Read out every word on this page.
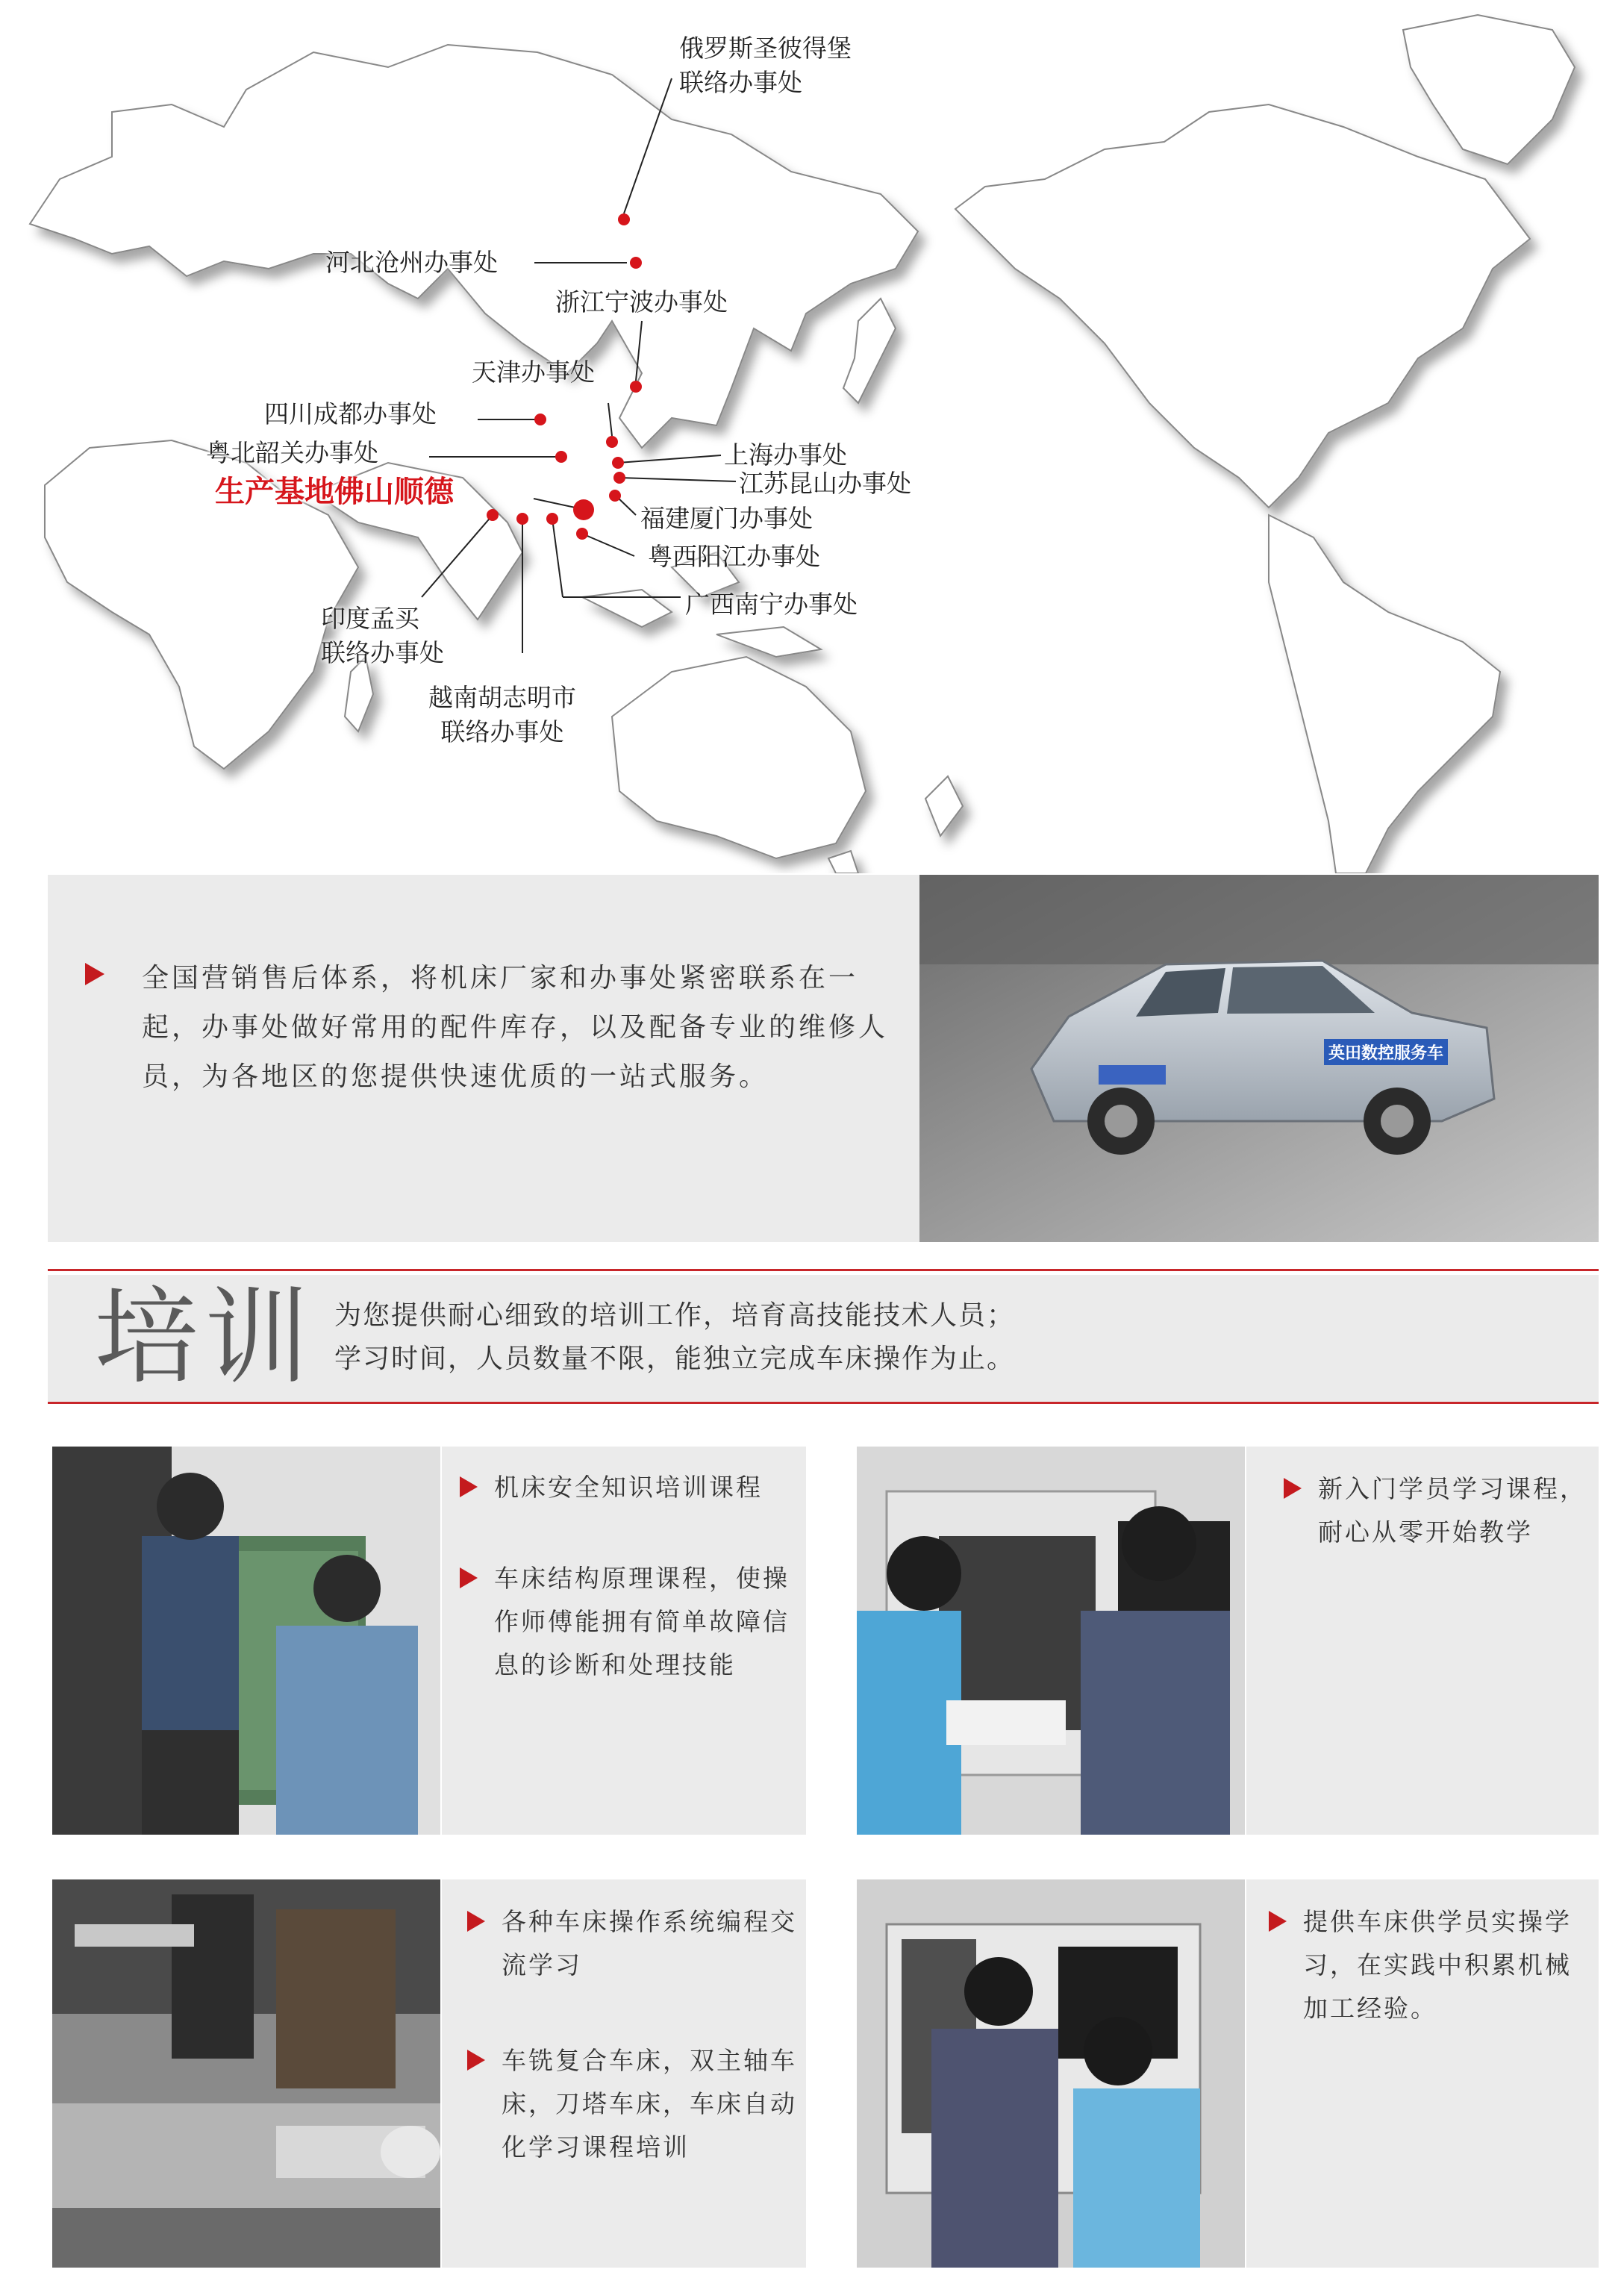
俄罗斯圣彼得堡
联络办事处
河北沧州办事处
浙江宁波办事处
天津办事处
四川成都办事处
粤北韶关办事处
生产基地佛山顺德
上海办事处
江苏昆山办事处
福建厦门办事处
粤西阳江办事处
广西南宁办事处
印度孟买
联络办事处
越南胡志明市
联络办事处
全国营销售后体系，将机床厂家和办事处紧密联系在一起，办事处做好常用的配件库存，以及配备专业的维修人员，为各地区的您提供快速优质的一站式服务。
英田数控服务车
培训 为您提供耐心细致的培训工作，培育高技能技术人员；
学习时间，人员数量不限，能独立完成车床操作为止。
机床安全知识培训课程
车床结构原理课程，使操作师傅能拥有简单故障信息的诊断和处理技能
新入门学员学习课程，耐心从零开始教学
各种车床操作系统编程交流学习
车铣复合车床，双主轴车床，刀塔车床，车床自动化学习课程培训
提供车床供学员实操学习，在实践中积累机械加工经验。
